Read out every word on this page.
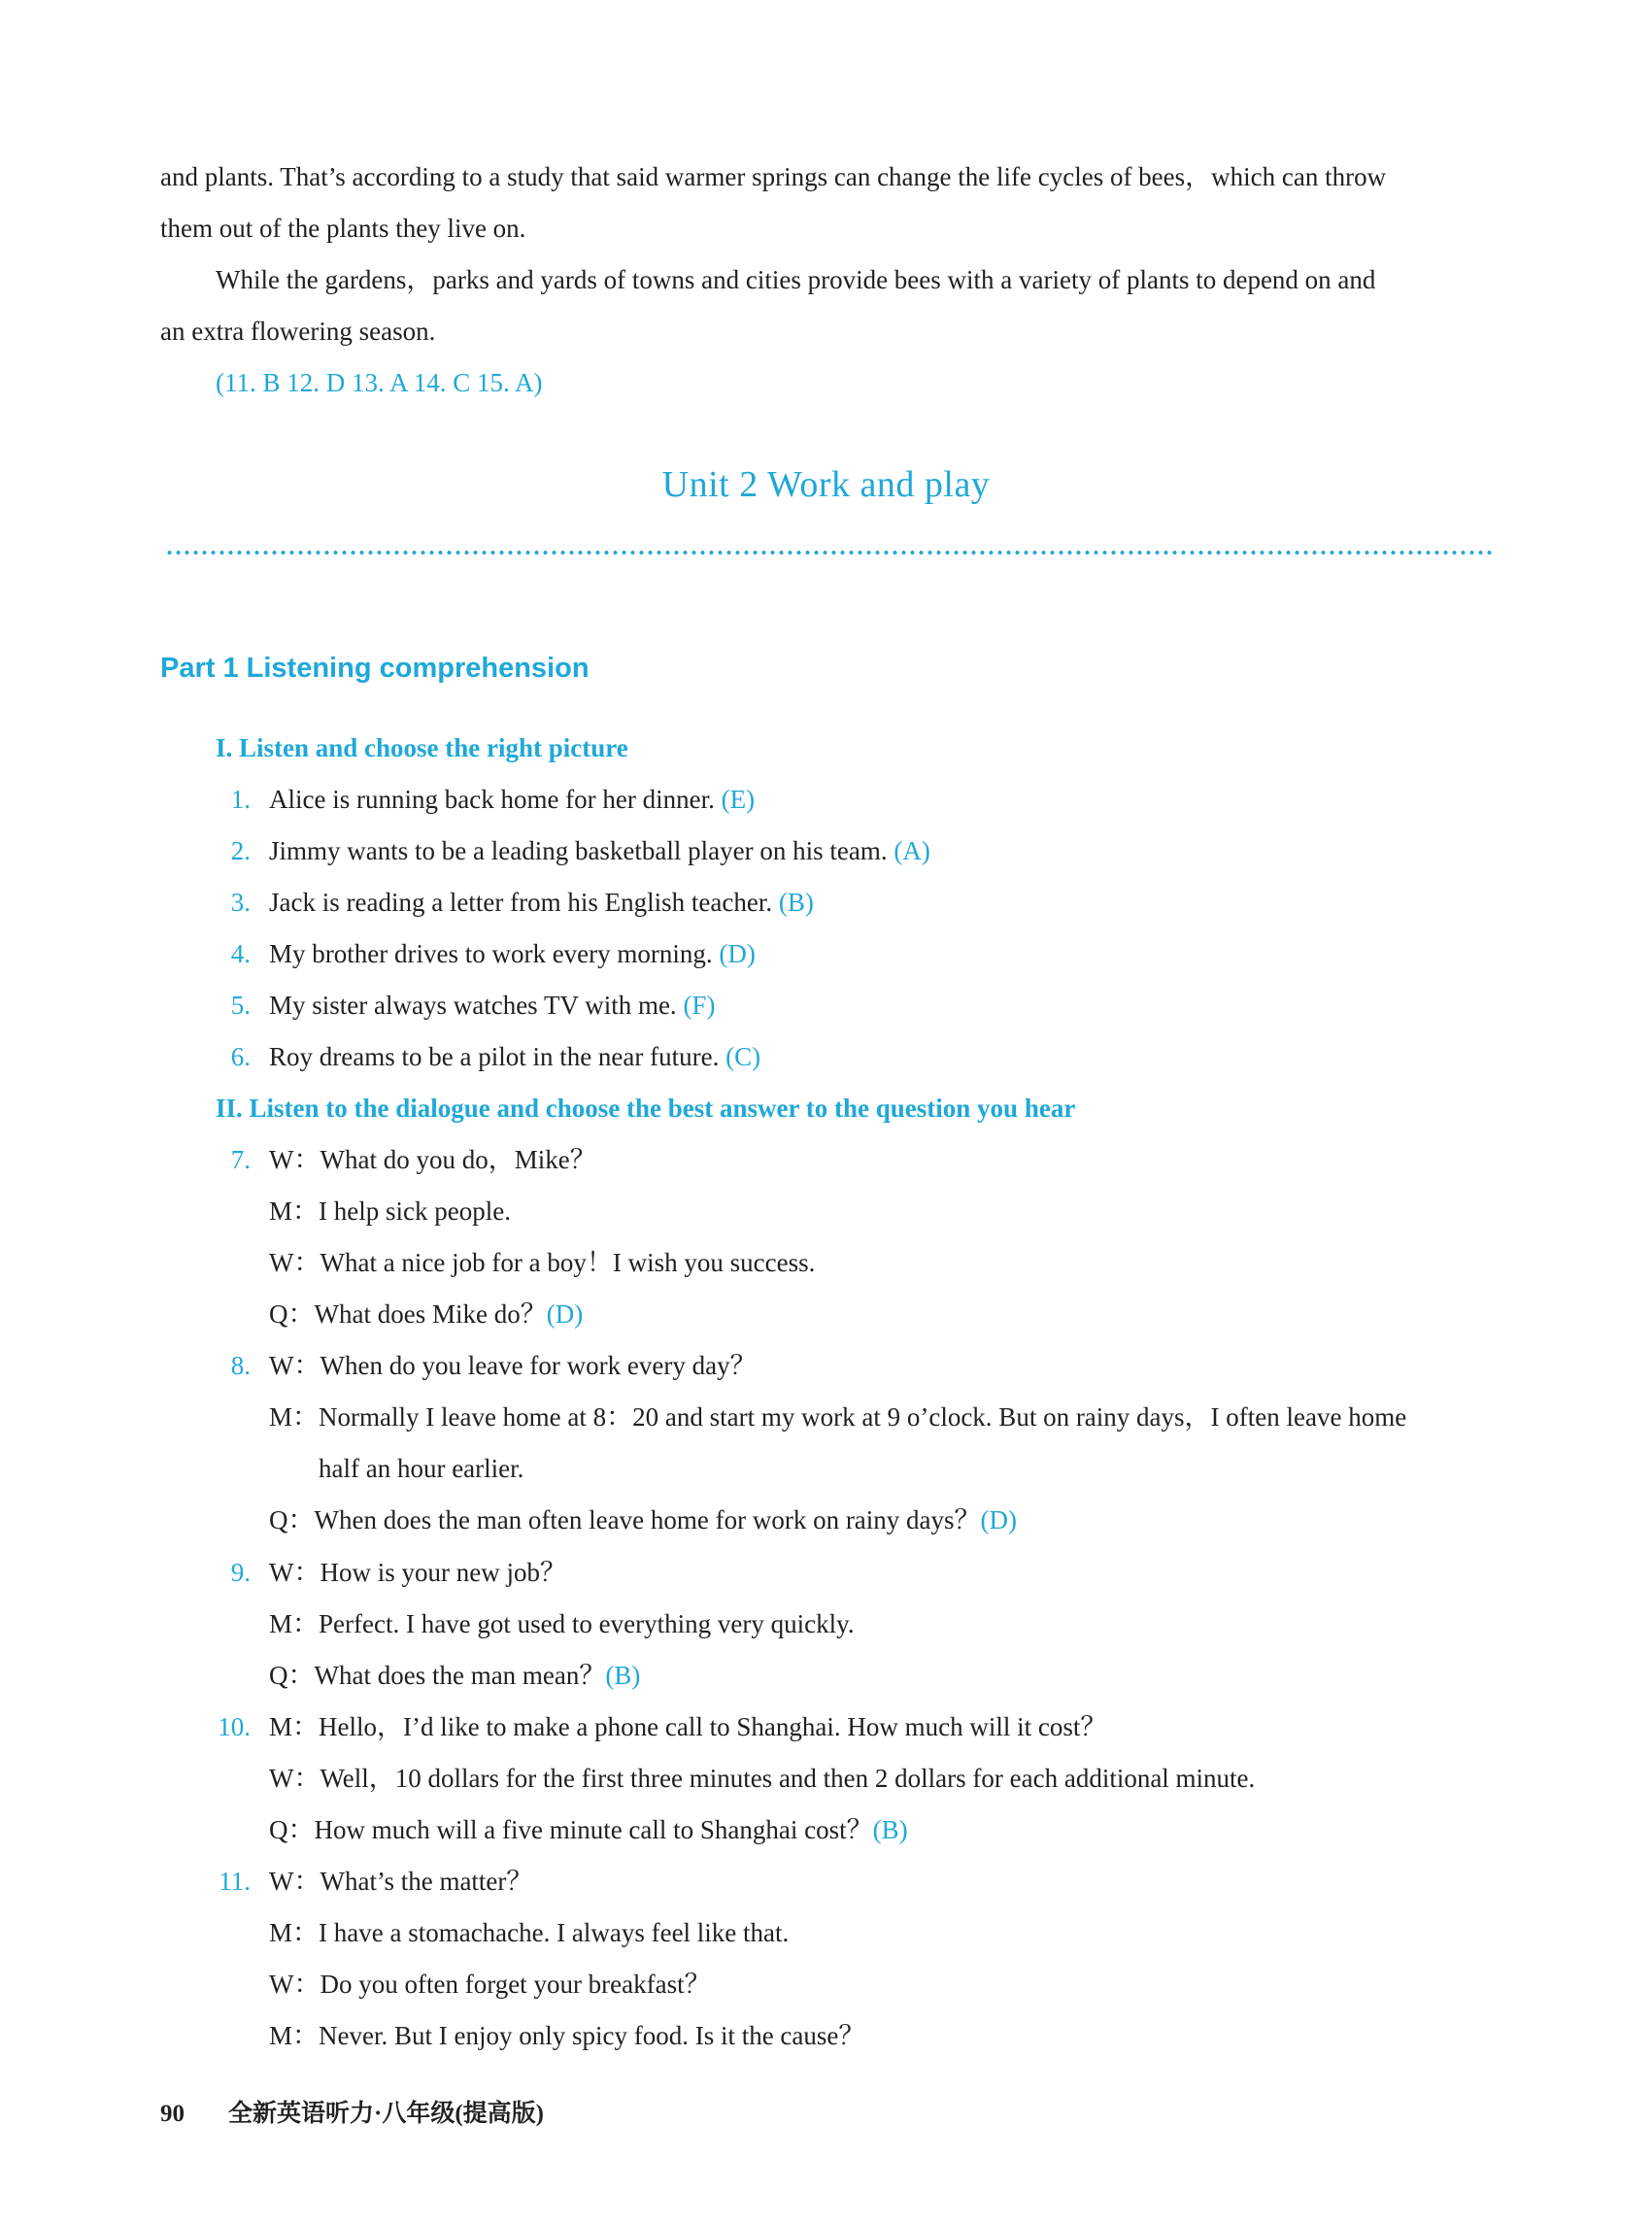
and plants. That’s according to a study that said warmer springs can change the life cycles of bees，which can throw
them out of the plants they live on.
While the gardens，parks and yards of towns and cities provide bees with a variety of plants to depend on and
an extra flowering season.
(11. B 12. D 13. A 14. C 15. A)
Unit 2 Work and play
Part 1 Listening comprehension
I. Listen and choose the right picture
1. Alice is running back home for her dinner. (E)
2. Jimmy wants to be a leading basketball player on his team. (A)
3. Jack is reading a letter from his English teacher. (B)
4. My brother drives to work every morning. (D)
5. My sister always watches TV with me. (F)
6. Roy dreams to be a pilot in the near future. (C)
II. Listen to the dialogue and choose the best answer to the question you hear
7. W：What do you do，Mike？
M：I help sick people.
W：What a nice job for a boy！I wish you success.
Q：What does Mike do？(D)
8. W：When do you leave for work every day？
M：Normally I leave home at 8：20 and start my work at 9 o’clock. But on rainy days，I often leave home
half an hour earlier.
Q：When does the man often leave home for work on rainy days？(D)
9. W：How is your new job？
M：Perfect. I have got used to everything very quickly.
Q：What does the man mean？(B)
10. M：Hello，I’d like to make a phone call to Shanghai. How much will it cost？
W：Well，10 dollars for the first three minutes and then 2 dollars for each additional minute.
Q：How much will a five minute call to Shanghai cost？(B)
11. W：What’s the matter？
M：I have a stomachache. I always feel like that.
W：Do you often forget your breakfast？
M：Never. But I enjoy only spicy food. Is it the cause？
90 全新英语听力·八年级(提高版)
